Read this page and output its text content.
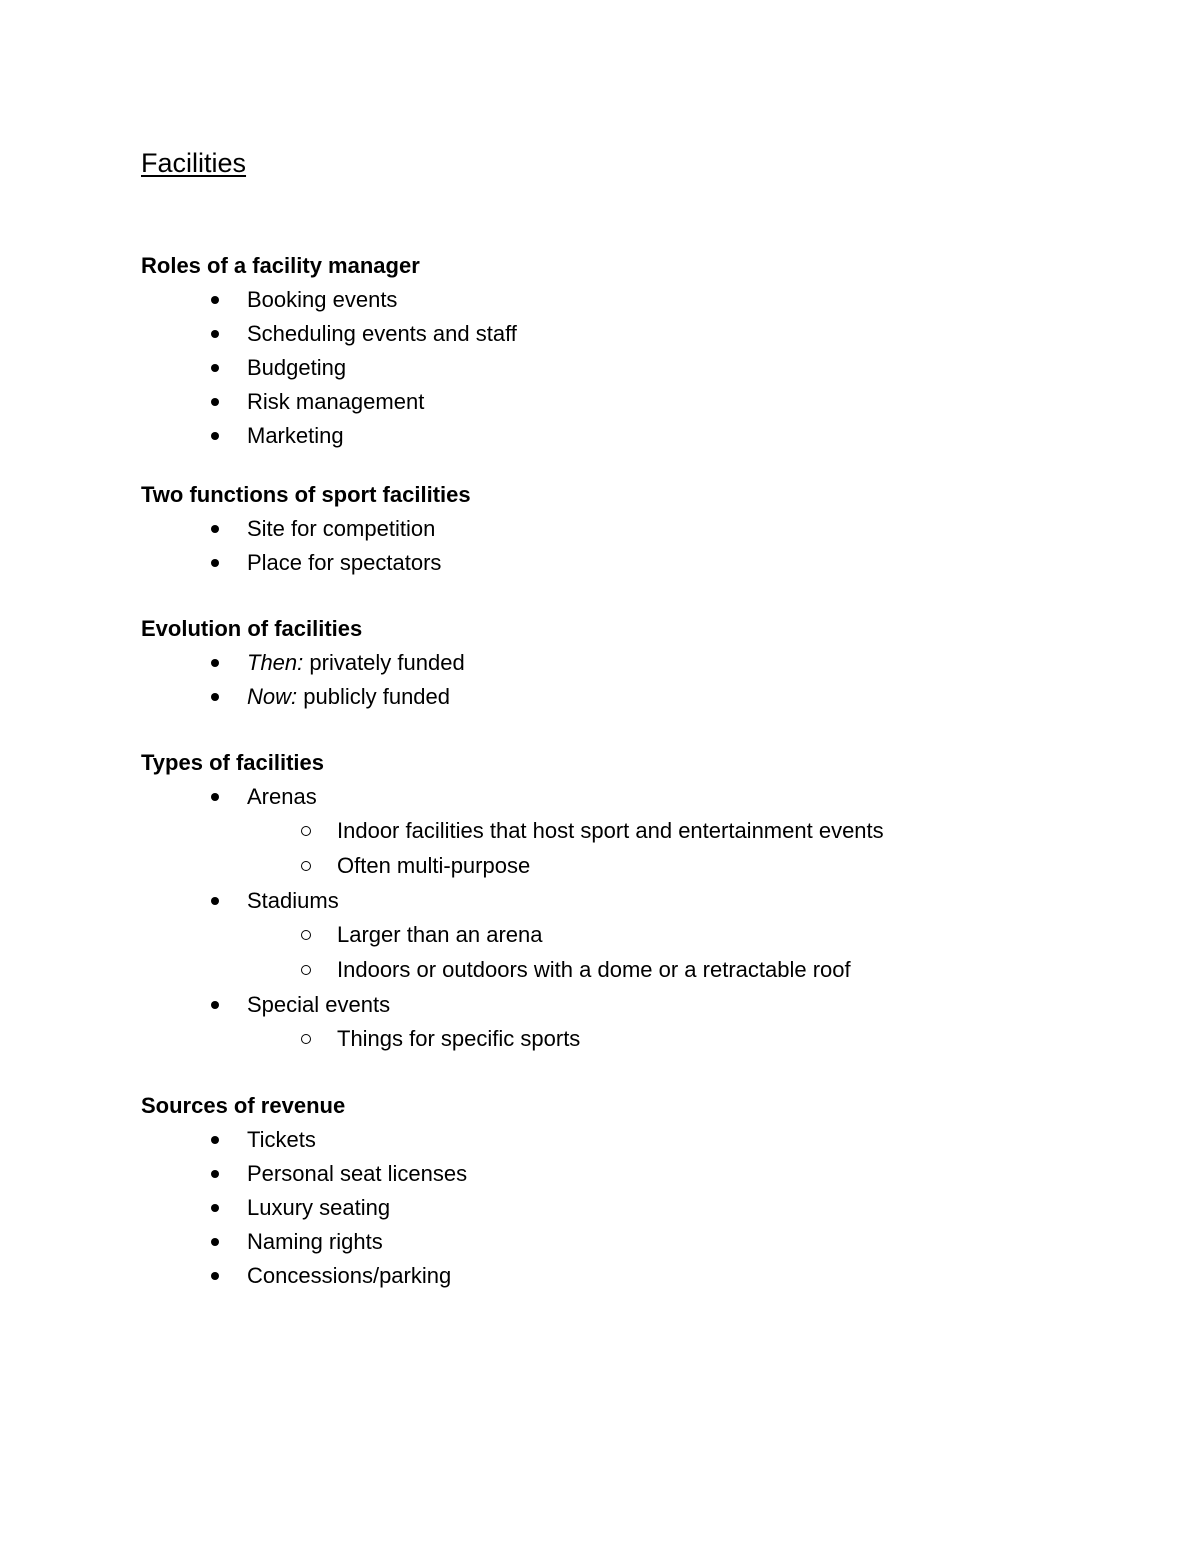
Facilities
Roles of a facility manager
Booking events
Scheduling events and staff
Budgeting
Risk management
Marketing
Two functions of sport facilities
Site for competition
Place for spectators
Evolution of facilities
Then: privately funded
Now: publicly funded
Types of facilities
Arenas
Indoor facilities that host sport and entertainment events
Often multi-purpose
Stadiums
Larger than an arena
Indoors or outdoors with a dome or a retractable roof
Special events
Things for specific sports
Sources of revenue
Tickets
Personal seat licenses
Luxury seating
Naming rights
Concessions/parking
